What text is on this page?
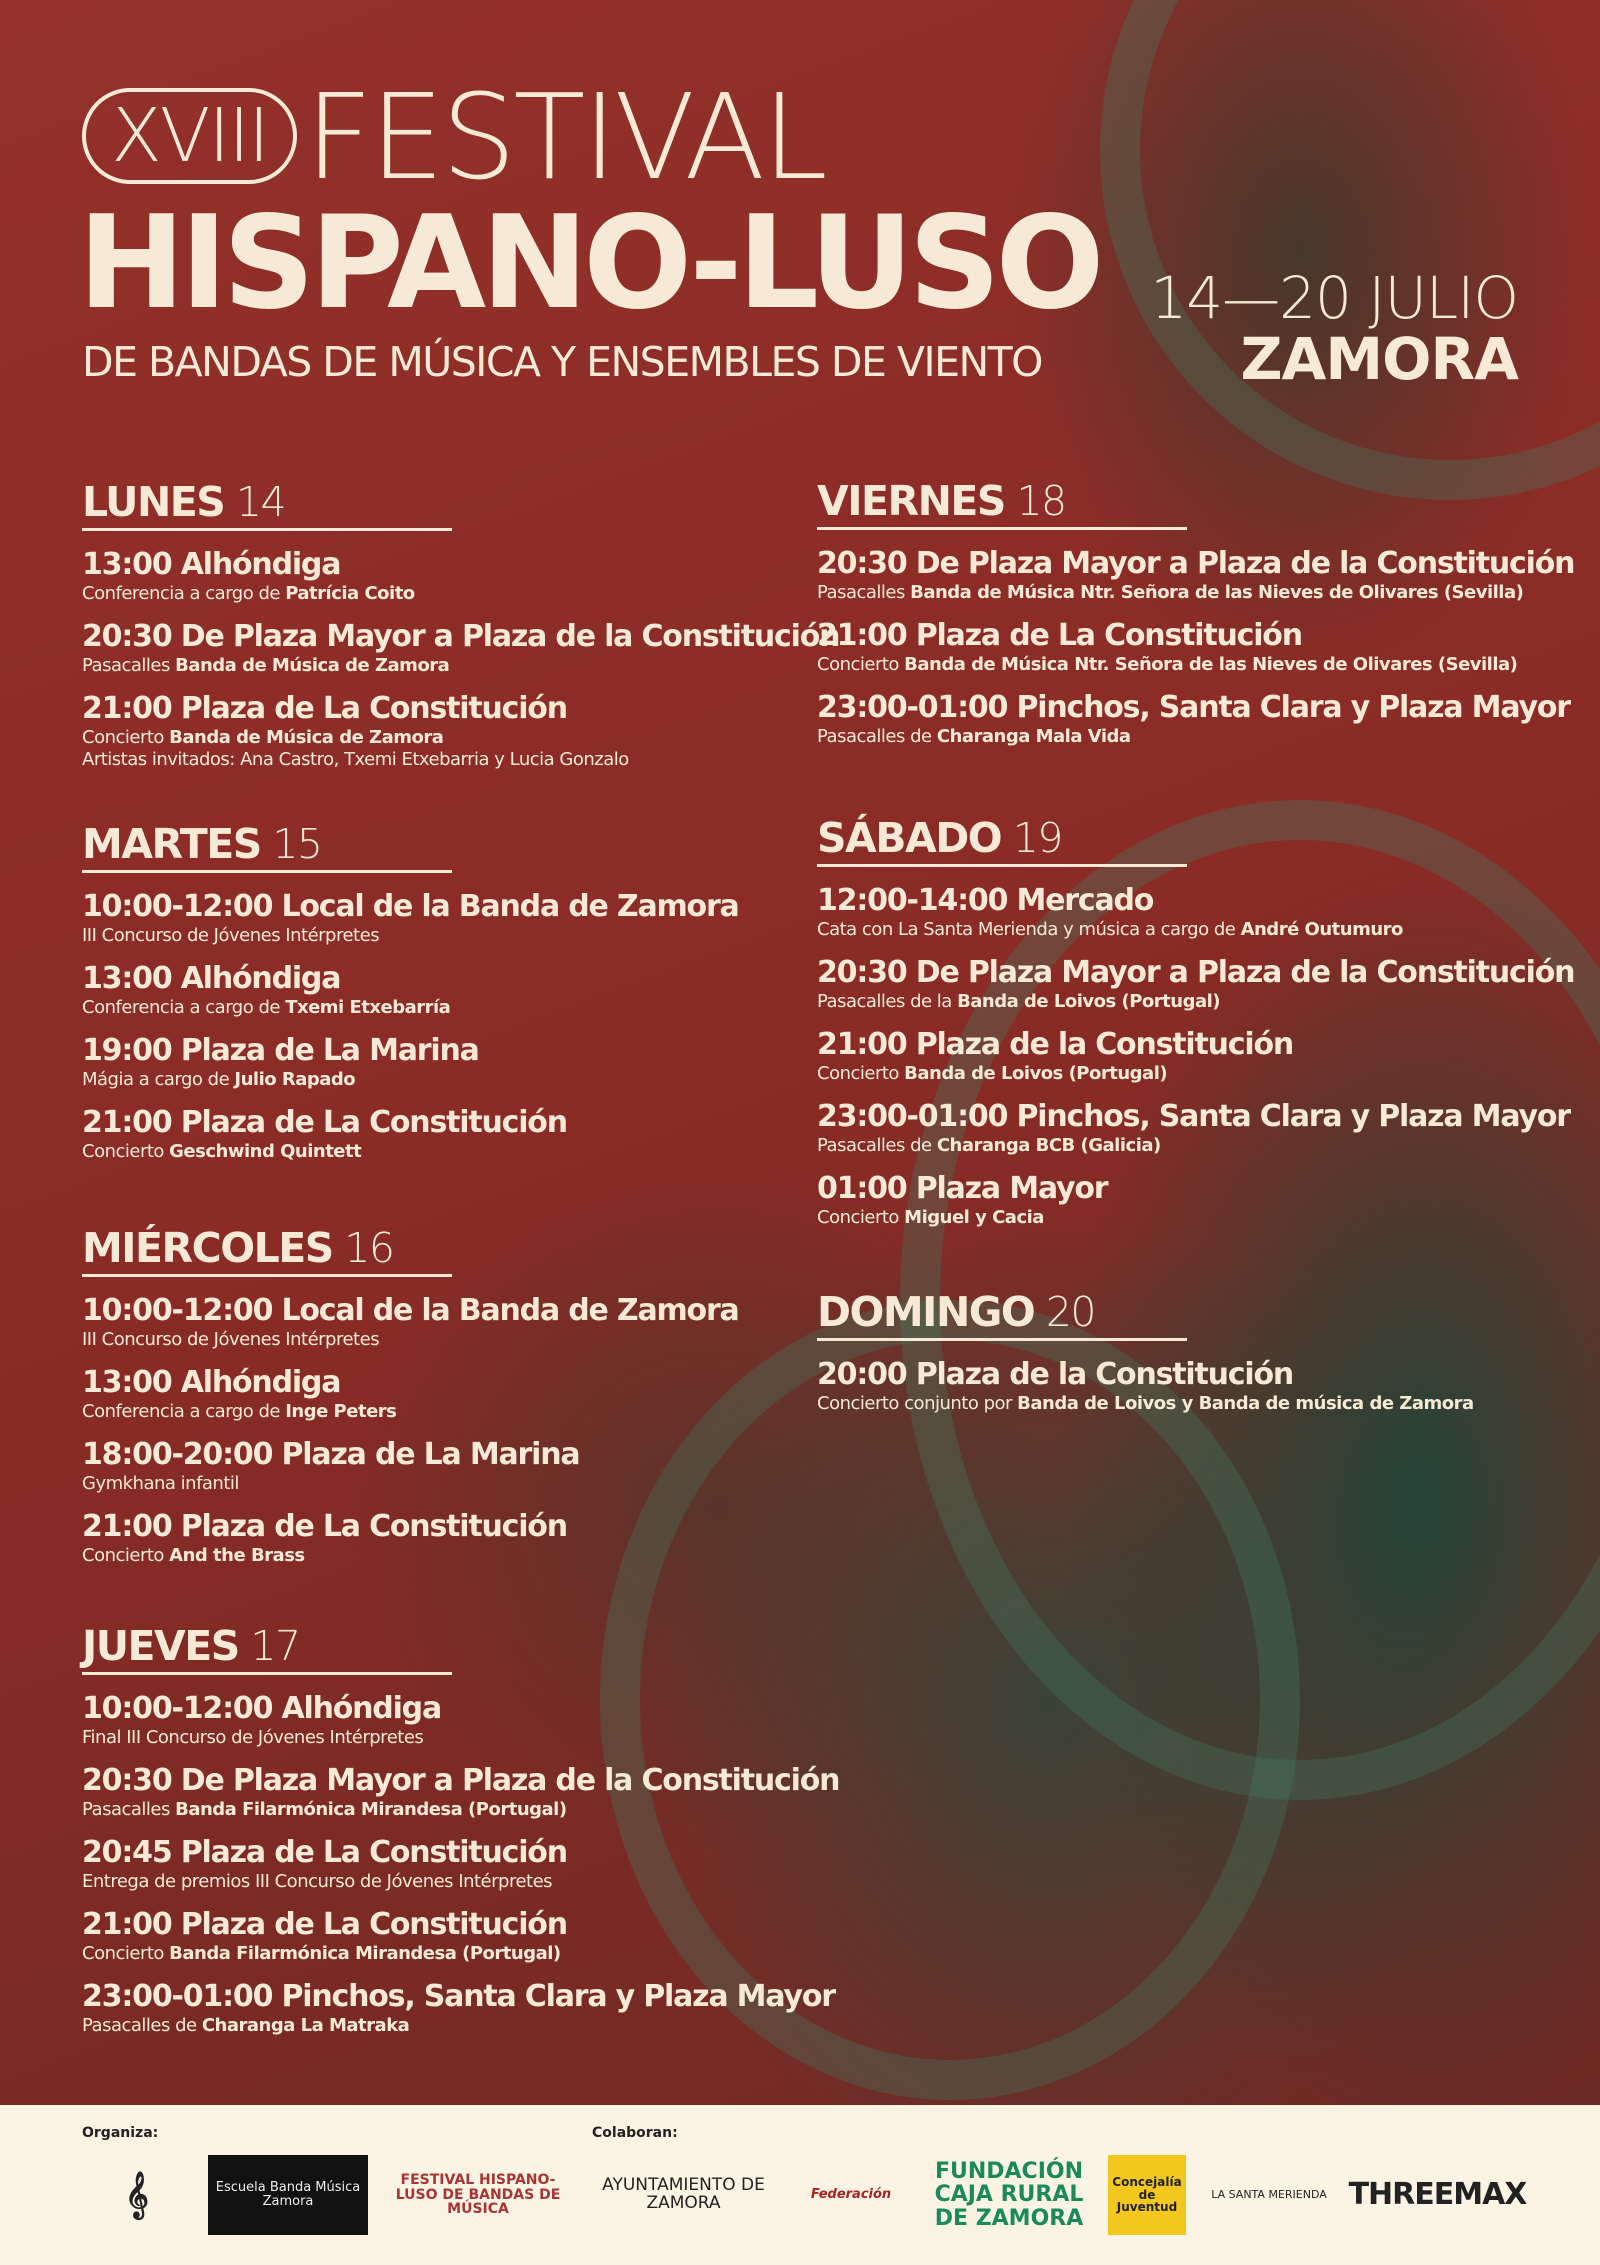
XVIII FESTIVAL
HISPANO-LUSO
DE BANDAS DE MÚSICA Y ENSEMBLES DE VIENTO
14—20 JULIO
ZAMORA
LUNES 14
13:00 Alhóndiga
Conferencia a cargo de Patrícia Coito
20:30 De Plaza Mayor a Plaza de la Constitución
Pasacalles Banda de Música de Zamora
21:00 Plaza de La Constitución
Concierto Banda de Música de Zamora
Artistas invitados: Ana Castro, Txemi Etxebarria y Lucia Gonzalo
MARTES 15
10:00-12:00 Local de la Banda de Zamora
III Concurso de Jóvenes Intérpretes
13:00 Alhóndiga
Conferencia a cargo de Txemi Etxebarría
19:00 Plaza de La Marina
Mágia a cargo de Julio Rapado
21:00 Plaza de La Constitución
Concierto Geschwind Quintett
MIÉRCOLES 16
10:00-12:00 Local de la Banda de Zamora
III Concurso de Jóvenes Intérpretes
13:00 Alhóndiga
Conferencia a cargo de Inge Peters
18:00-20:00 Plaza de La Marina
Gymkhana infantil
21:00 Plaza de La Constitución
Concierto And the Brass
JUEVES 17
10:00-12:00 Alhóndiga
Final III Concurso de Jóvenes Intérpretes
20:30 De Plaza Mayor a Plaza de la Constitución
Pasacalles Banda Filarmónica Mirandesa (Portugal)
20:45 Plaza de La Constitución
Entrega de premios III Concurso de Jóvenes Intérpretes
21:00 Plaza de La Constitución
Concierto Banda Filarmónica Mirandesa (Portugal)
23:00-01:00 Pinchos, Santa Clara y Plaza Mayor
Pasacalles de Charanga La Matraka
VIERNES 18
20:30 De Plaza Mayor a Plaza de la Constitución
Pasacalles Banda de Música Ntr. Señora de las Nieves de Olivares (Sevilla)
21:00 Plaza de La Constitución
Concierto Banda de Música Ntr. Señora de las Nieves de Olivares (Sevilla)
23:00-01:00 Pinchos, Santa Clara y Plaza Mayor
Pasacalles de Charanga Mala Vida
SÁBADO 19
12:00-14:00 Mercado
Cata con La Santa Merienda y música a cargo de André Outumuro
20:30 De Plaza Mayor a Plaza de la Constitución
Pasacalles de la Banda de Loivos (Portugal)
21:00 Plaza de la Constitución
Concierto Banda de Loivos (Portugal)
23:00-01:00 Pinchos, Santa Clara y Plaza Mayor
Pasacalles de Charanga BCB (Galicia)
01:00 Plaza Mayor
Concierto Miguel y Cacia
DOMINGO 20
20:00 Plaza de la Constitución
Concierto conjunto por Banda de Loivos y Banda de música de Zamora
Organiza:	Colaboran:
𝄞	Escuela Banda Música Zamora
FESTIVAL HISPANO-LUSO DE BANDAS DE MÚSICA
AYUNTAMIENTO DE ZAMORA	Federación
FUNDACIÓN CAJA RURAL DE ZAMORA
Concejalía de Juventud
LA SANTA MERIENDA THREEMAX
